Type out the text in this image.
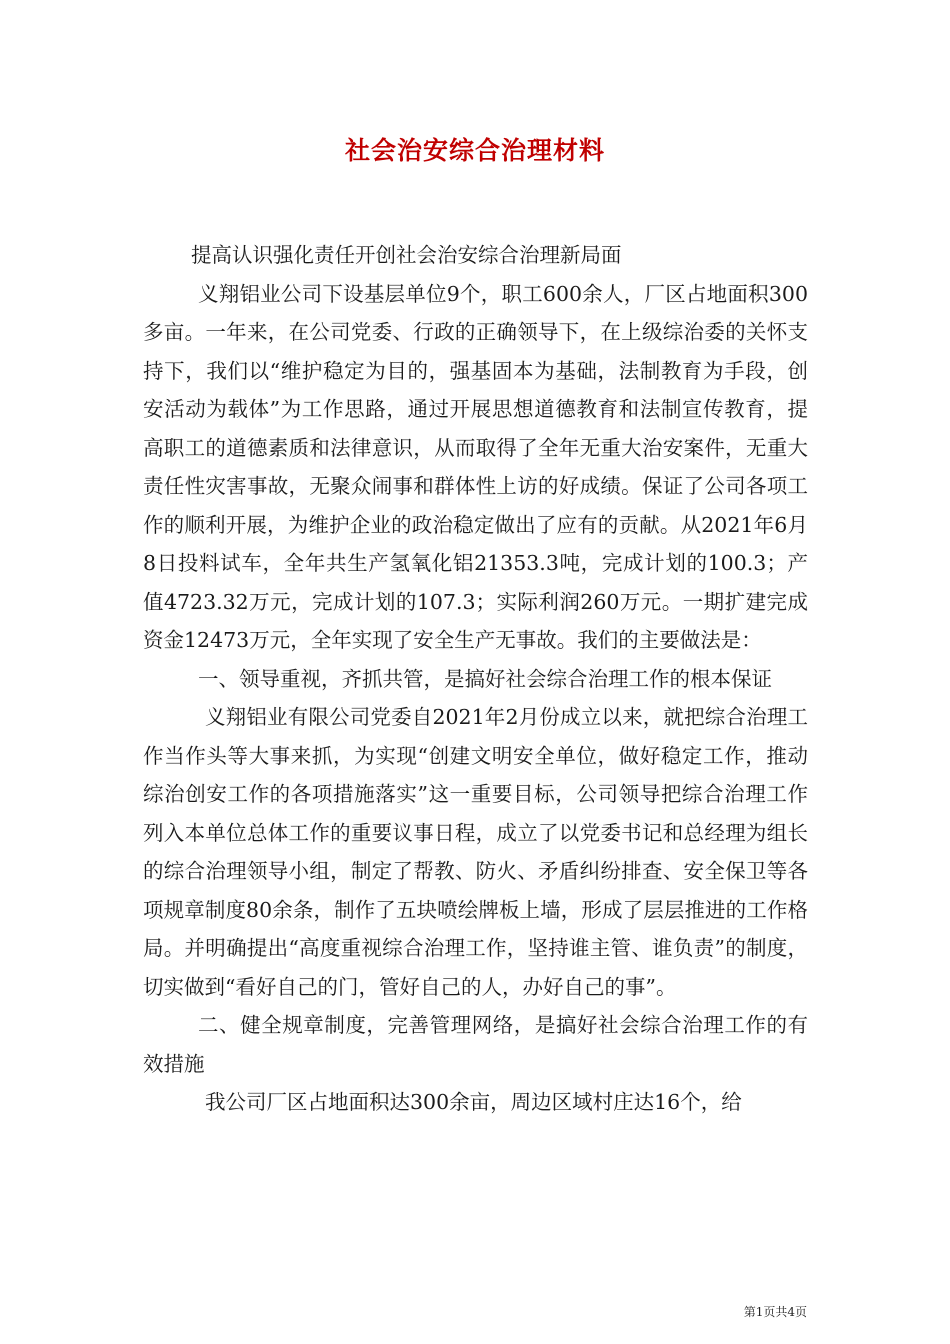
社会治安综合治理材料

提高认识强化责任开创社会治安综合治理新局面

义翔铝业公司下设基层单位9个，职工600余人，厂区占地面积300多亩。一年来，在公司党委、行政的正确领导下，在上级综治委的关怀支持下，我们以“维护稳定为目的，强基固本为基础，法制教育为手段，创安活动为载体”为工作思路，通过开展思想道德教育和法制宣传教育，提高职工的道德素质和法律意识，从而取得了全年无重大治安案件，无重大责任性灾害事故，无聚众闹事和群体性上访的好成绩。保证了公司各项工作的顺利开展，为维护企业的政治稳定做出了应有的贡献。从2021年6月8日投料试车，全年共生产氢氧化铝21353.3吨，完成计划的100.3；产值4723.32万元，完成计划的107.3；实际利润260万元。一期扩建完成资金12473万元，全年实现了安全生产无事故。我们的主要做法是：

一、领导重视，齐抓共管，是搞好社会综合治理工作的根本保证

义翔铝业有限公司党委自2021年2月份成立以来，就把综合治理工作当作头等大事来抓，为实现“创建文明安全单位，做好稳定工作，推动综治创安工作的各项措施落实”这一重要目标，公司领导把综合治理工作列入本单位总体工作的重要议事日程，成立了以党委书记和总经理为组长的综合治理领导小组，制定了帮教、防火、矛盾纠纷排查、安全保卫等各项规章制度80余条，制作了五块喷绘牌板上墙，形成了层层推进的工作格局。并明确提出“高度重视综合治理工作，坚持谁主管、谁负责”的制度，切实做到“看好自己的门，管好自己的人，办好自己的事”。

二、健全规章制度，完善管理网络，是搞好社会综合治理工作的有效措施

我公司厂区占地面积达300余亩，周边区域村庄达16个，给

第1页共4页
